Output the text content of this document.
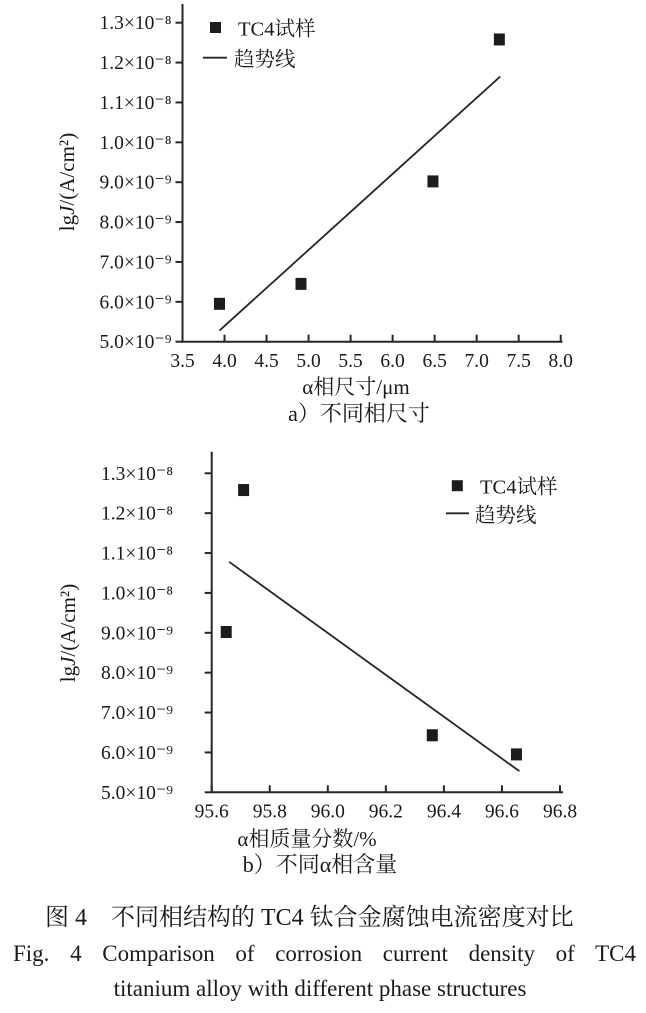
3.5 4.0 4.5 5.0 5.5 6.0 6.5 7.0 7.5 8.0
5.0×10⁻⁹
6.0×10⁻⁹
7.0×10⁻⁹
8.0×10⁻⁹
9.0×10⁻⁹
1.0×10⁻⁸
1.1×10⁻⁸
1.2×10⁻⁸
1.3×10⁻⁸
α相尺寸/μm
lgJ/(A/cm²)
a）不同相尺寸
TC4试样
趋势线
95.6 95.8 96.0 96.2 96.4 96.6 96.8
5.0×10⁻⁹
6.0×10⁻⁹
7.0×10⁻⁹
8.0×10⁻⁹
9.0×10⁻⁹
1.0×10⁻⁸
1.1×10⁻⁸
1.2×10⁻⁸
1.3×10⁻⁸
α相质量分数/%
lgJ/(A/cm²)
b）不同α相含量
TC4试样
趋势线
图 4　不同相结构的 TC4 钛合金腐蚀电流密度对比
Fig. 4 Comparison of corrosion current density of TC4
titanium alloy with different phase structures
